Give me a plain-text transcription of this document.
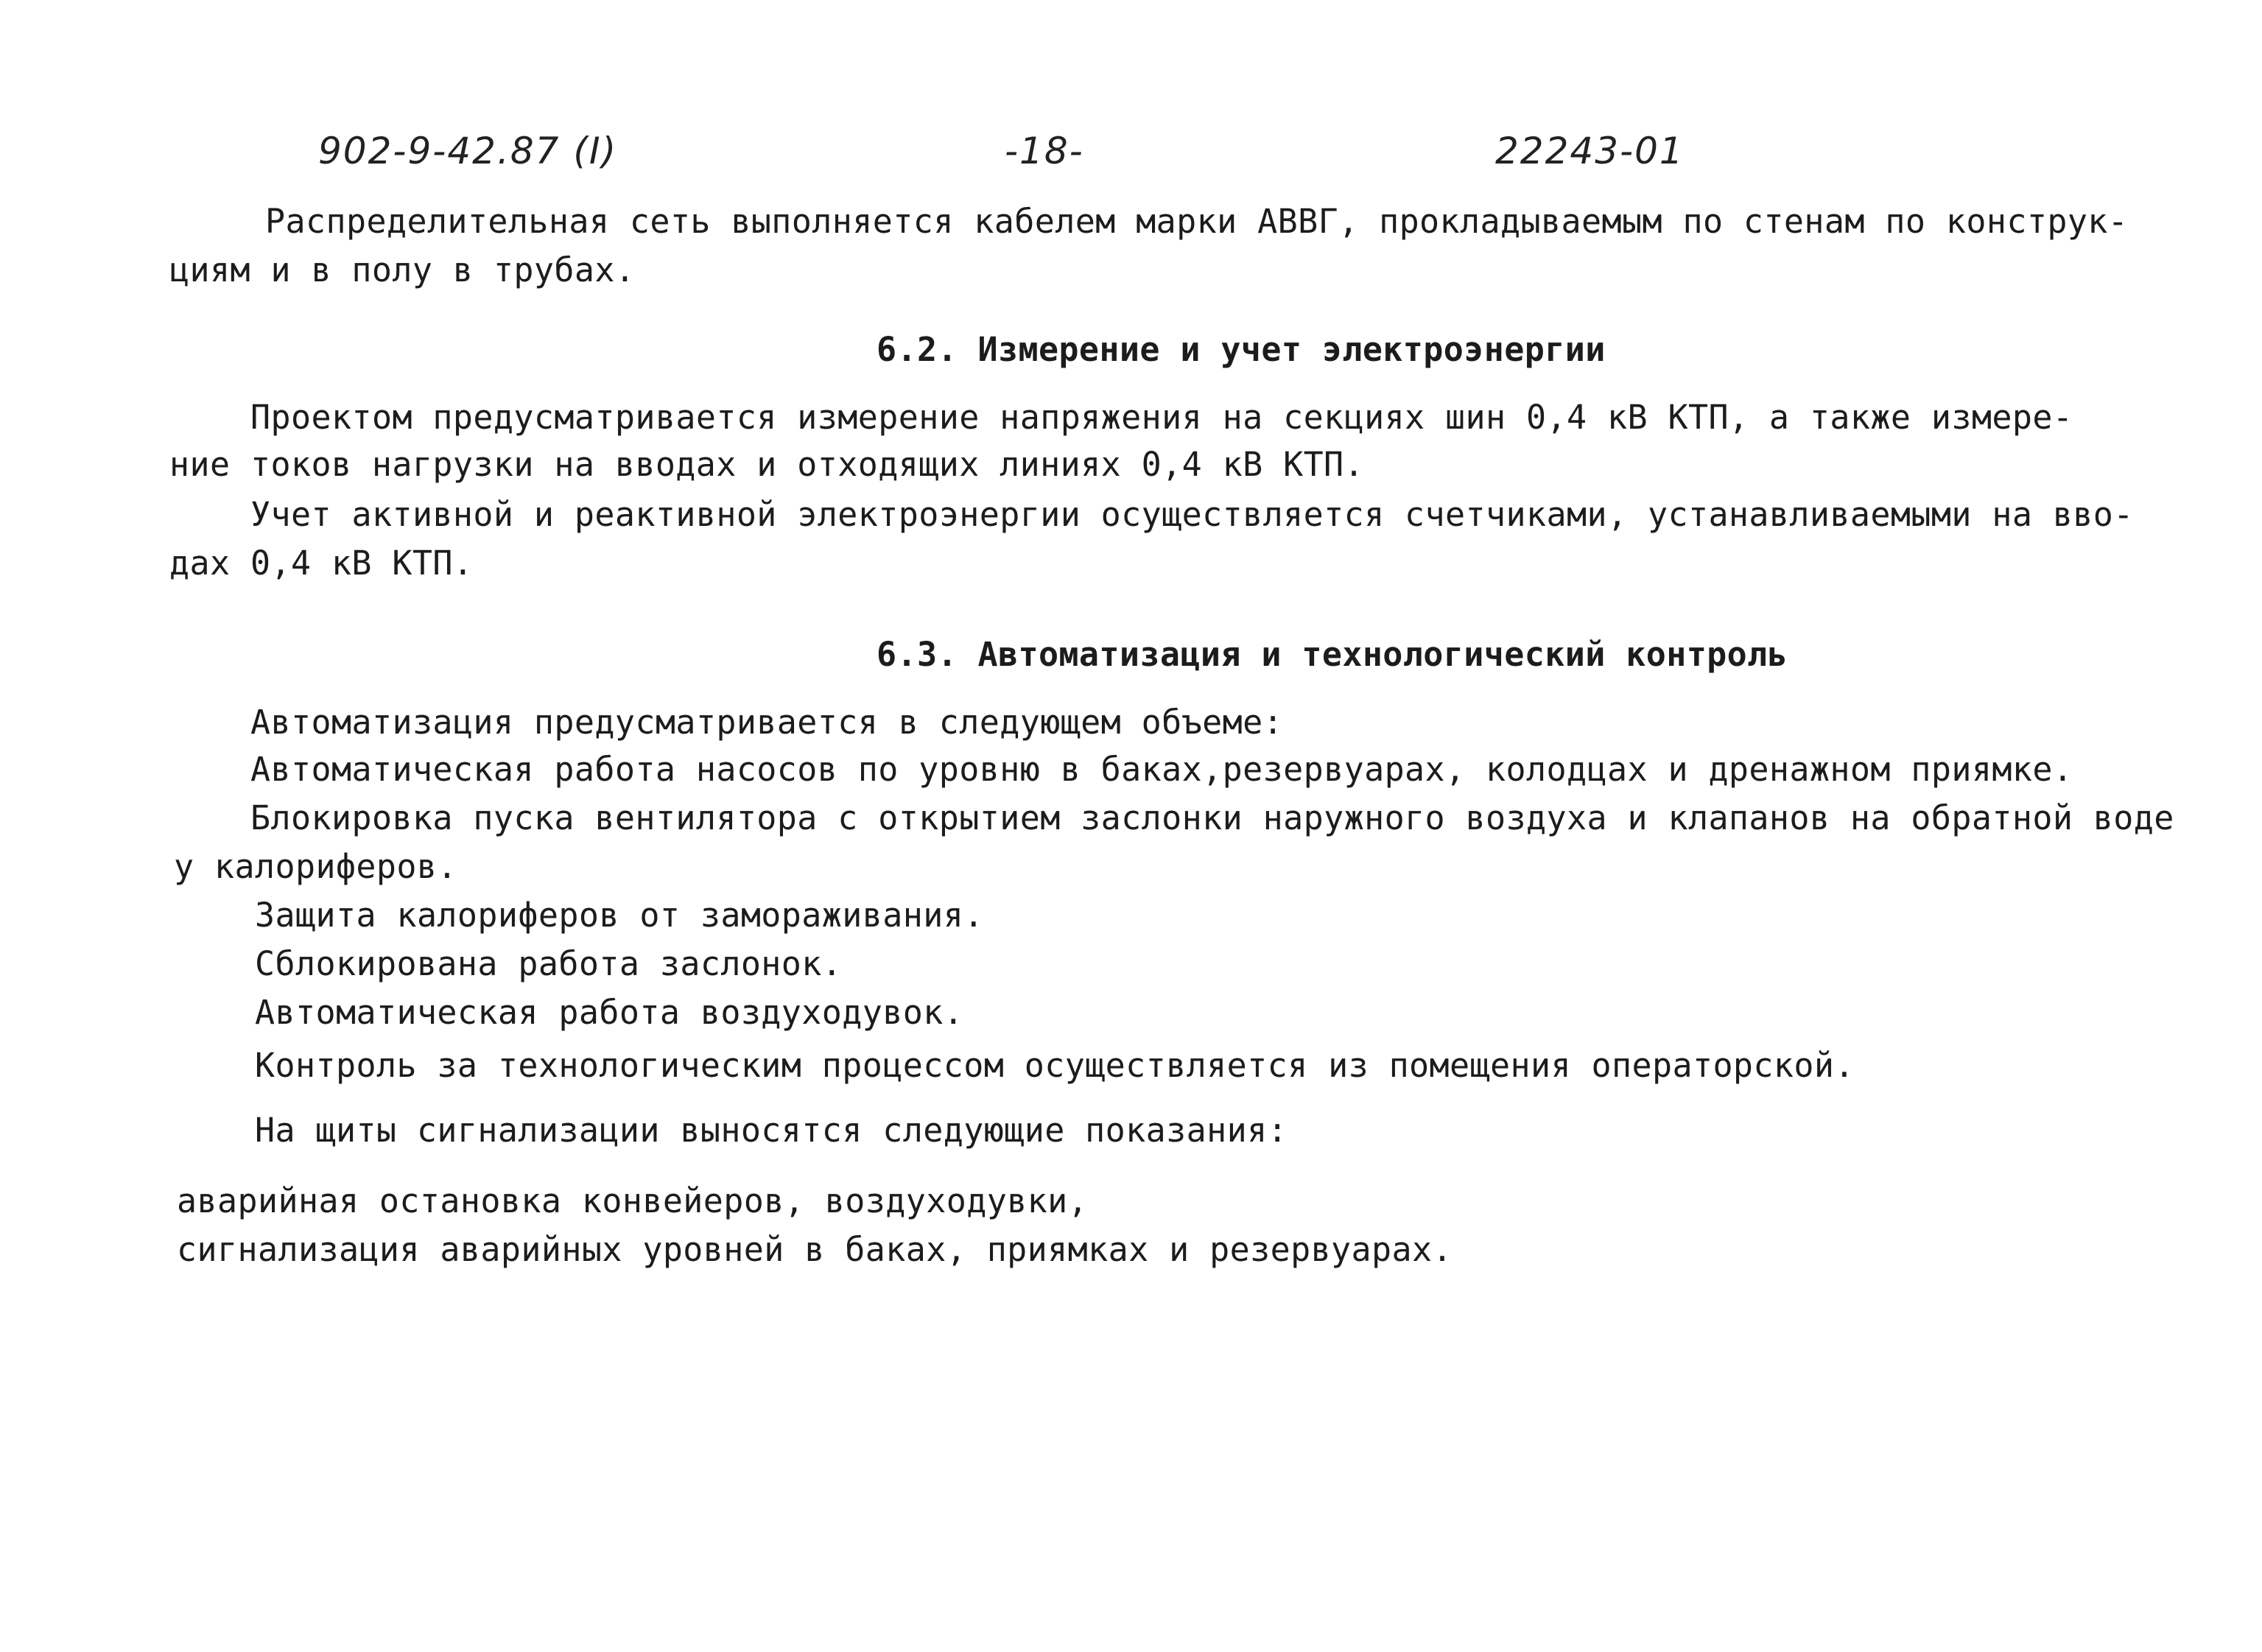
902-9-42.87 (I)	-18-	22243-01
Распределительная сеть выполняется кабелем марки АВВГ, прокладываемым по стенам по конструк-
циям и в полу в трубах.
6.2. Измерение и учет электроэнергии
Проектом предусматривается измерение напряжения на секциях шин 0,4 кВ КТП, а также измере-
ние токов нагрузки на вводах и отходящих линиях 0,4 кВ КТП.
Учет активной и реактивной электроэнергии осуществляется счетчиками, устанавливаемыми на вво-
дах 0,4 кВ КТП.
6.3. Автоматизация и технологический контроль
Автоматизация предусматривается в следующем объеме:
Автоматическая работа насосов по уровню в баках,резервуарах, колодцах и дренажном приямке.
Блокировка пуска вентилятора с открытием заслонки наружного воздуха и клапанов на обратной воде
у калориферов.
Защита калориферов от замораживания.
Сблокирована работа заслонок.
Автоматическая работа воздуходувок.
Контроль за технологическим процессом осуществляется из помещения операторской.
На щиты сигнализации выносятся следующие показания:
аварийная остановка конвейеров, воздуходувки,
сигнализация аварийных уровней в баках, приямках и резервуарах.
